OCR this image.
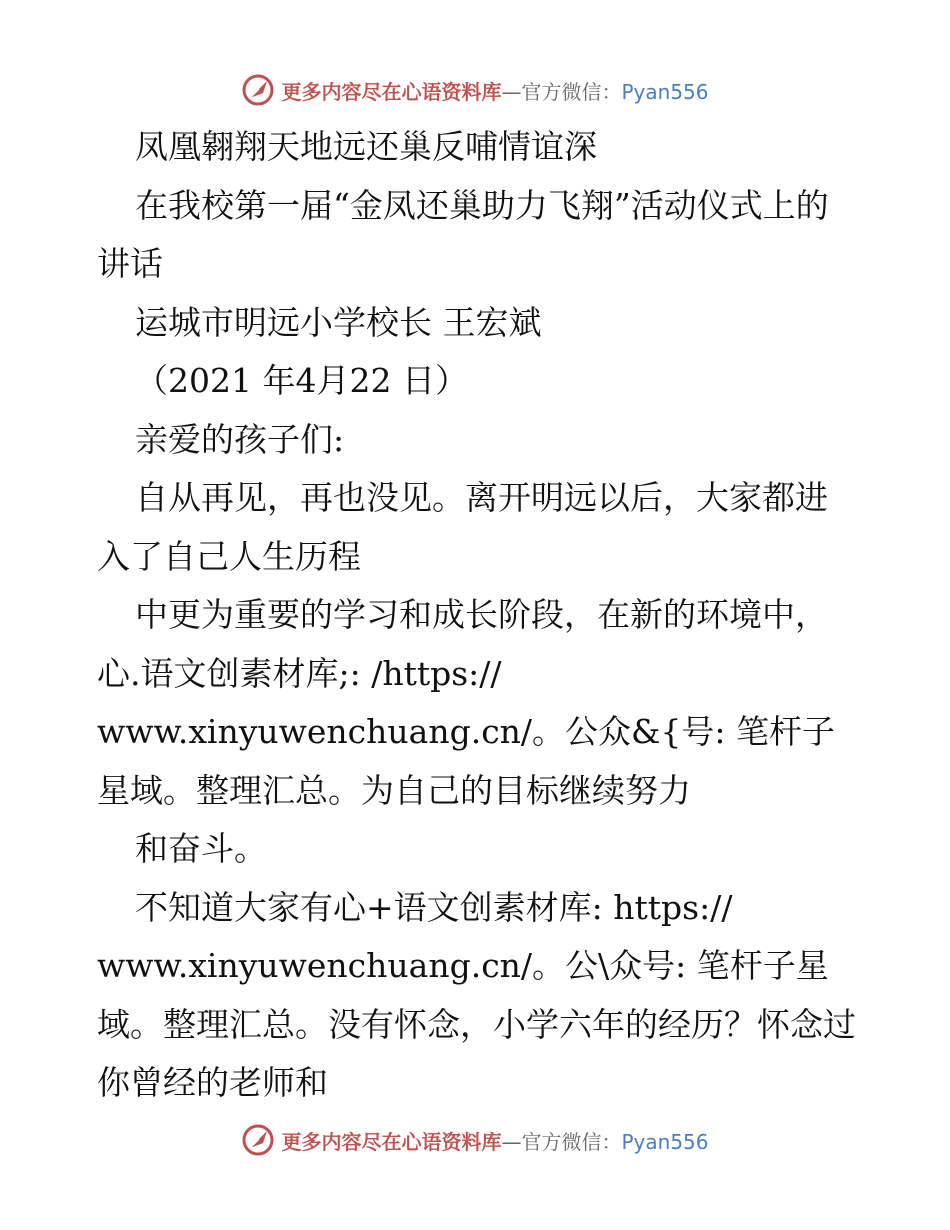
更多内容尽在心语资料库—官方微信：Pyan556

凤凰翱翔天地远还巢反哺情谊深

在我校第一届“金凤还巢助力飞翔”活动仪式上的讲话

运城市明远小学校长 王宏斌

（2021 年4月22 日）

亲爱的孩子们:

自从再见，再也没见。离开明远以后，大家都进入了自己人生历程

中更为重要的学习和成长阶段，在新的环境中，心.语文创素材库;: /https://

www.xinyuwenchuang.cn/。公众&{号: 笔杆子星域。整理汇总。为自己的目标继续努力

和奋斗。

不知道大家有心+语文创素材库: https://

www.xinyuwenchuang.cn/。公\众号: 笔杆子星域。整理汇总。没有怀念，小学六年的经历？怀念过你曾经的老师和

更多内容尽在心语资料库—官方微信：Pyan556
